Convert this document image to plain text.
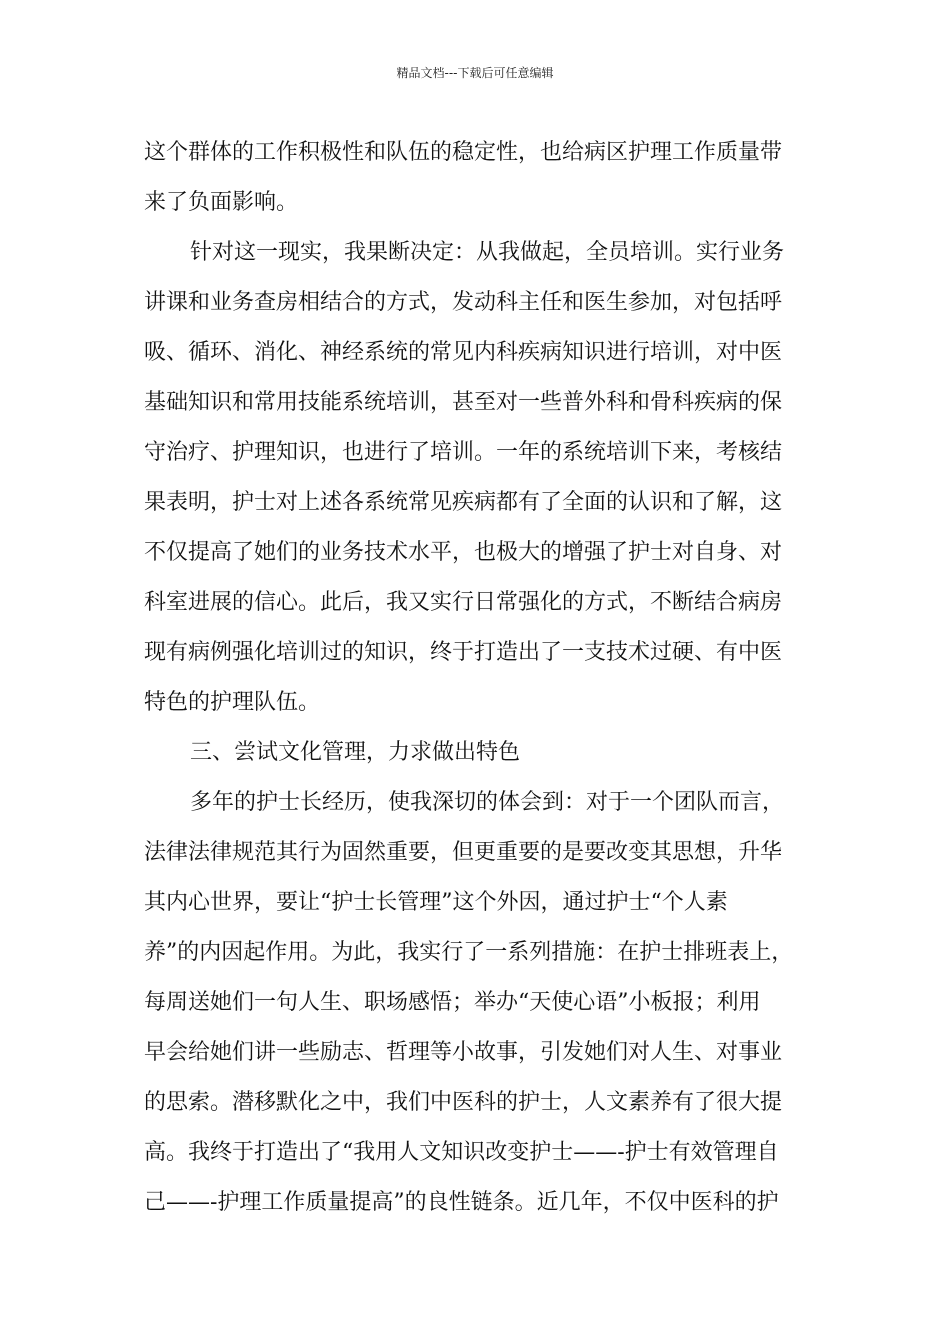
精品文档---下载后可任意编辑
这个群体的工作积极性和队伍的稳定性，也给病区护理工作质量带
来了负面影响。
针对这一现实，我果断决定：从我做起，全员培训。实行业务
讲课和业务查房相结合的方式，发动科主任和医生参加，对包括呼
吸、循环、消化、神经系统的常见内科疾病知识进行培训，对中医
基础知识和常用技能系统培训，甚至对一些普外科和骨科疾病的保
守治疗、护理知识，也进行了培训。一年的系统培训下来，考核结
果表明，护士对上述各系统常见疾病都有了全面的认识和了解，这
不仅提高了她们的业务技术水平，也极大的增强了护士对自身、对
科室进展的信心。此后，我又实行日常强化的方式，不断结合病房
现有病例强化培训过的知识，终于打造出了一支技术过硬、有中医
特色的护理队伍。
三、尝试文化管理，力求做出特色
多年的护士长经历，使我深切的体会到：对于一个团队而言，
法律法律规范其行为固然重要，但更重要的是要改变其思想，升华
其内心世界，要让“护士长管理”这个外因，通过护士“个人素
养”的内因起作用。为此，我实行了一系列措施：在护士排班表上，
每周送她们一句人生、职场感悟；举办“天使心语”小板报；利用
早会给她们讲一些励志、哲理等小故事，引发她们对人生、对事业
的思索。潜移默化之中，我们中医科的护士，人文素养有了很大提
高。我终于打造出了“我用人文知识改变护士——-护士有效管理自
己——-护理工作质量提高”的良性链条。近几年，不仅中医科的护
